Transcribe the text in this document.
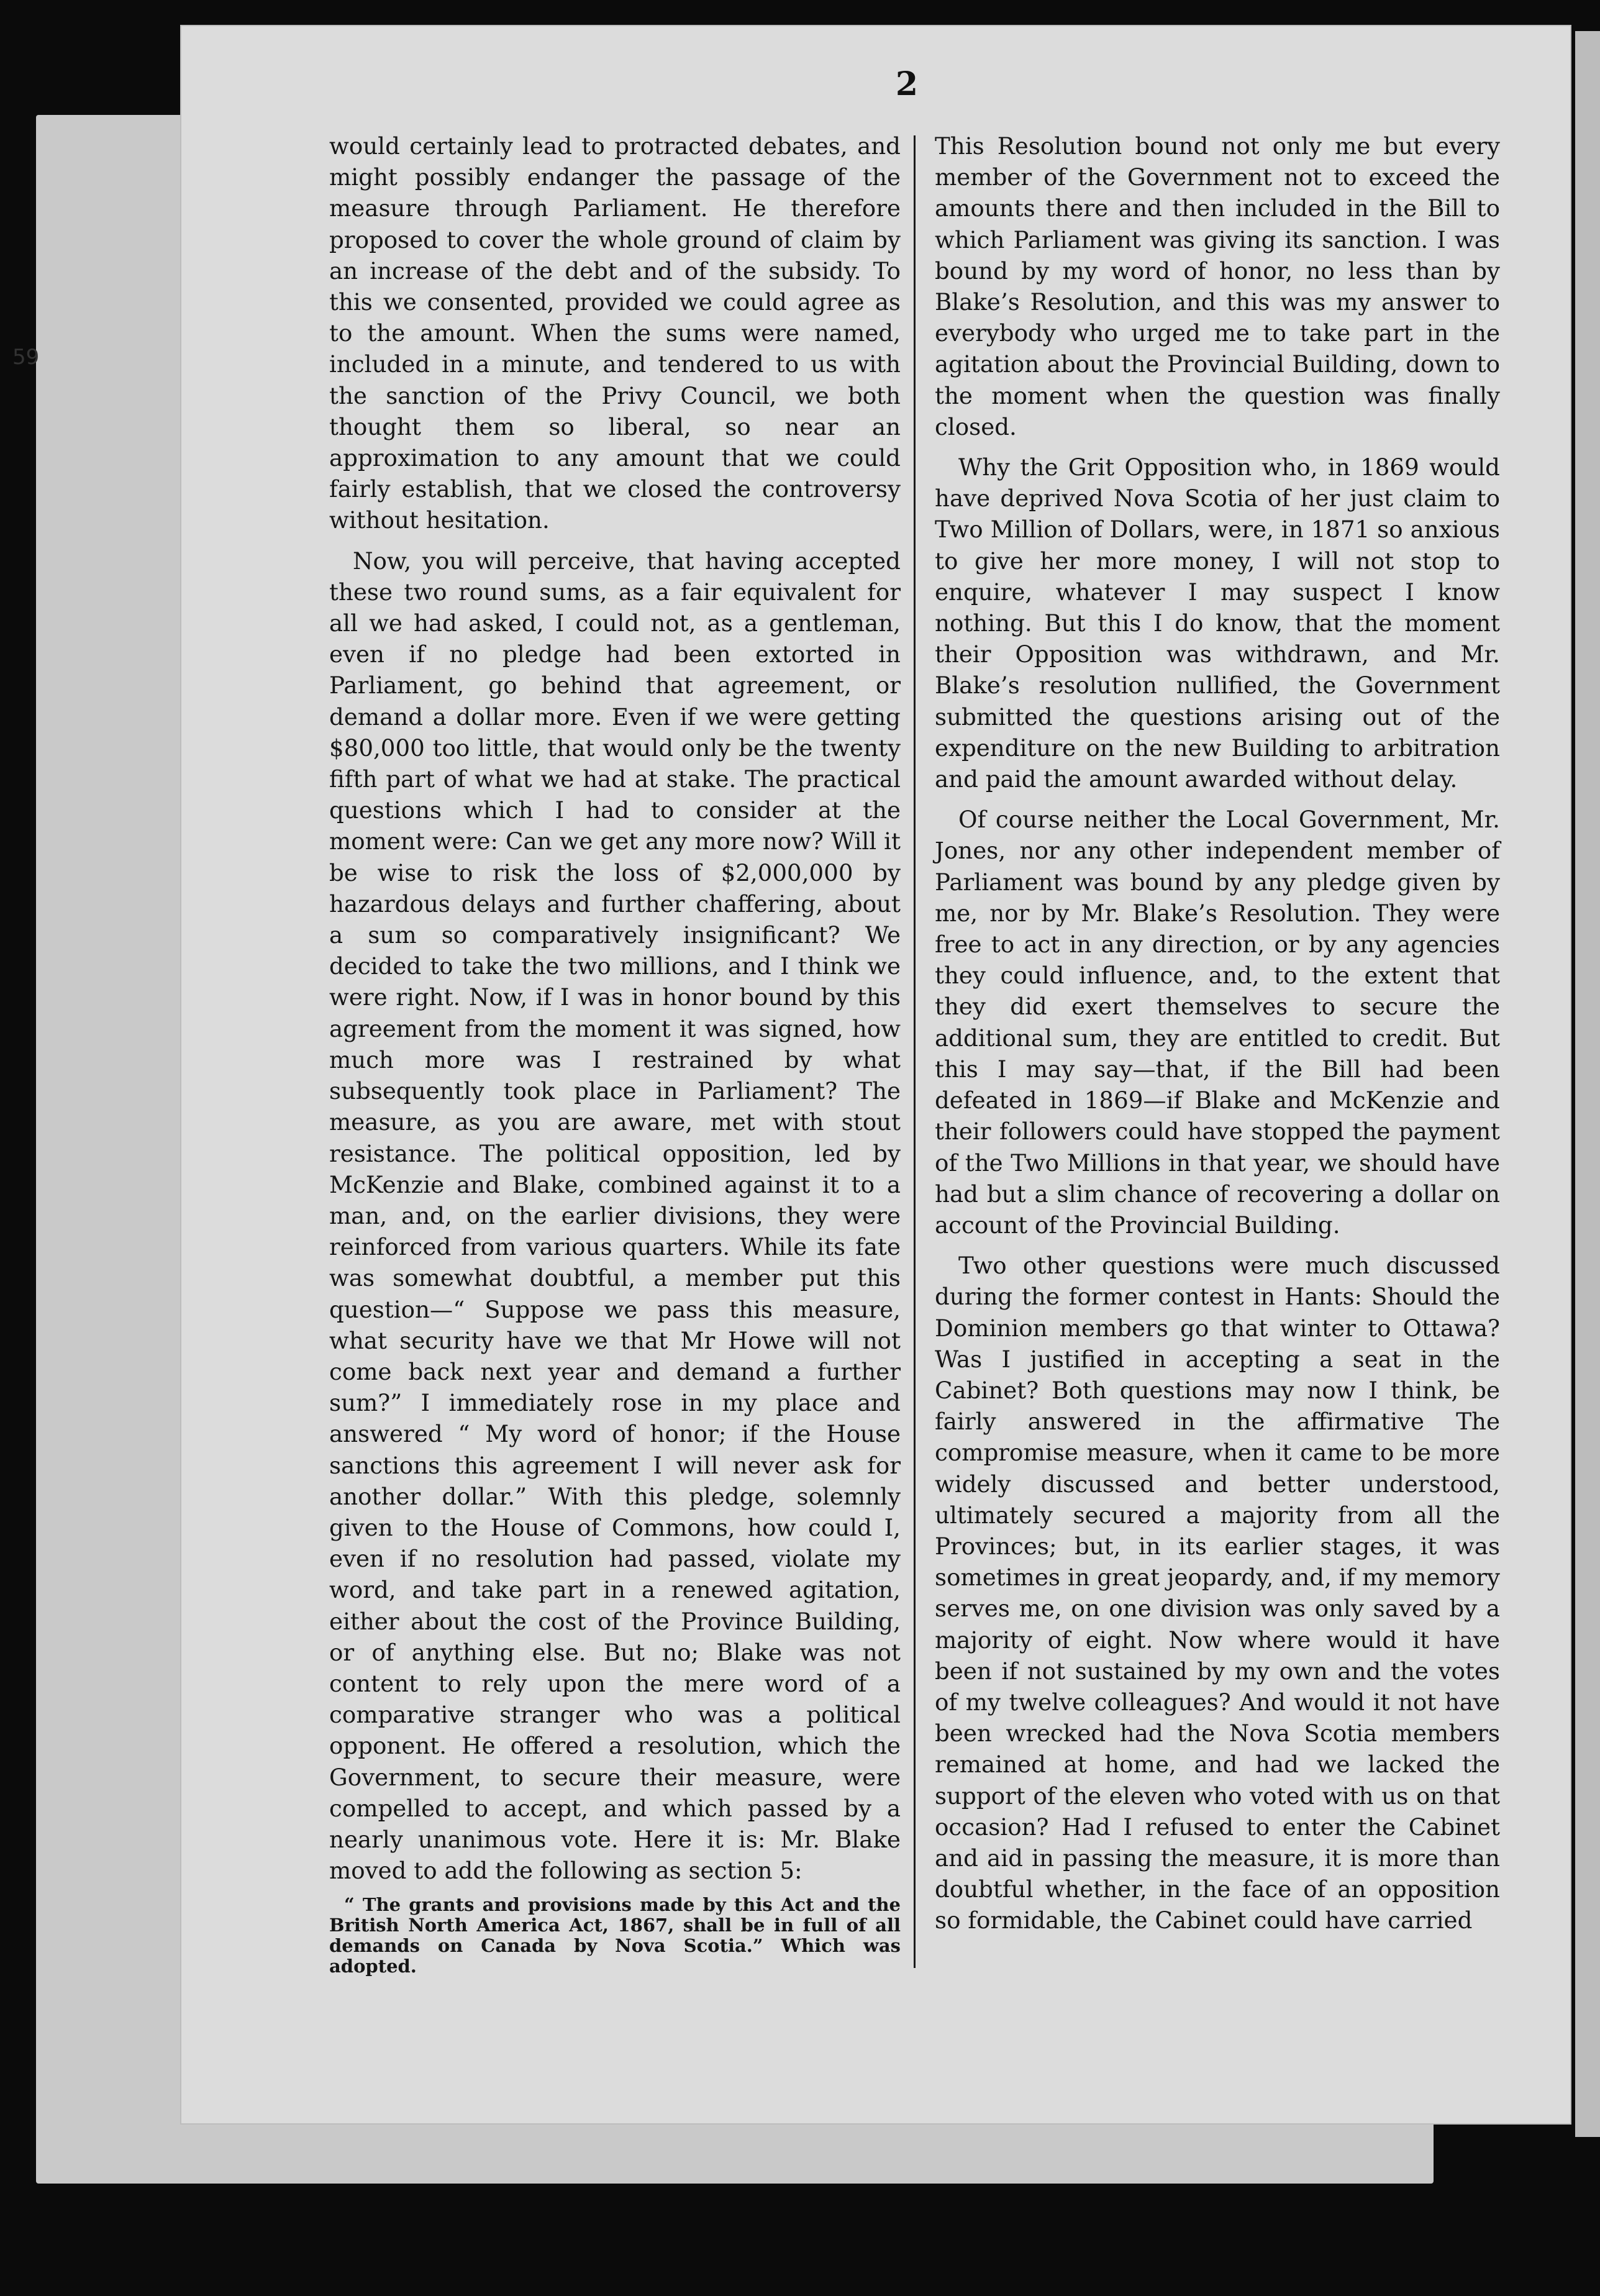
2
59

would certainly lead to protracted debates, and might possibly endanger the passage of the measure through Parliament. He therefore proposed to cover the whole ground of claim by an increase of the debt and of the subsidy. To this we consented, provided we could agree as to the amount. When the sums were named, included in a minute, and tendered to us with the sanction of the Privy Council, we both thought them so liberal, so near an approximation to any amount that we could fairly establish, that we closed the controversy without hesitation.

Now, you will perceive, that having accepted these two round sums, as a fair equivalent for all we had asked, I could not, as a gentleman, even if no pledge had been extorted in Parliament, go behind that agreement, or demand a dollar more. Even if we were getting $80,000 too little, that would only be the twenty fifth part of what we had at stake. The practical questions which I had to consider at the moment were: Can we get any more now? Will it be wise to risk the loss of $2,000,000 by hazardous delays and further chaffering, about a sum so comparatively insignificant? We decided to take the two millions, and I think we were right. Now, if I was in honor bound by this agreement from the moment it was signed, how much more was I restrained by what subsequently took place in Parliament? The measure, as you are aware, met with stout resistance. The political opposition, led by McKenzie and Blake, combined against it to a man, and, on the earlier divisions, they were reinforced from various quarters. While its fate was somewhat doubtful, a member put this question—“ Suppose we pass this measure, what security have we that Mr Howe will not come back next year and demand a further sum?” I immediately rose in my place and answered “ My word of honor; if the House sanctions this agreement I will never ask for another dollar.” With this pledge, solemnly given to the House of Commons, how could I, even if no resolution had passed, violate my word, and take part in a renewed agitation, either about the cost of the Province Building, or of anything else. But no; Blake was not content to rely upon the mere word of a comparative stranger who was a political opponent. He offered a resolution, which the Government, to secure their measure, were compelled to accept, and which passed by a nearly unanimous vote. Here it is: Mr. Blake moved to add the following as section 5:

“ The grants and provisions made by this Act and the British North America Act, 1867, shall be in full of all demands on Canada by Nova Scotia.” Which was adopted.

This Resolution bound not only me but every member of the Government not to exceed the amounts there and then included in the Bill to which Parliament was giving its sanction. I was bound by my word of honor, no less than by Blake’s Resolution, and this was my answer to everybody who urged me to take part in the agitation about the Provincial Building, down to the moment when the question was finally closed.

Why the Grit Opposition who, in 1869 would have deprived Nova Scotia of her just claim to Two Million of Dollars, were, in 1871 so anxious to give her more money, I will not stop to enquire, whatever I may suspect I know nothing. But this I do know, that the moment their Opposition was withdrawn, and Mr. Blake’s resolution nullified, the Government submitted the questions arising out of the expenditure on the new Building to arbitration and paid the amount awarded without delay.

Of course neither the Local Government, Mr. Jones, nor any other independent member of Parliament was bound by any pledge given by me, nor by Mr. Blake’s Resolution. They were free to act in any direction, or by any agencies they could influence, and, to the extent that they did exert themselves to secure the additional sum, they are entitled to credit. But this I may say—that, if the Bill had been defeated in 1869—if Blake and McKenzie and their followers could have stopped the payment of the Two Millions in that year, we should have had but a slim chance of recovering a dollar on account of the Provincial Building.

Two other questions were much discussed during the former contest in Hants: Should the Dominion members go that winter to Ottawa? Was I justified in accepting a seat in the Cabinet? Both questions may now I think, be fairly answered in the affirmative The compromise measure, when it came to be more widely discussed and better understood, ultimately secured a majority from all the Provinces; but, in its earlier stages, it was sometimes in great jeopardy, and, if my memory serves me, on one division was only saved by a majority of eight. Now where would it have been if not sustained by my own and the votes of my twelve colleagues? And would it not have been wrecked had the Nova Scotia members remained at home, and had we lacked the support of the eleven who voted with us on that occasion? Had I refused to enter the Cabinet and aid in passing the measure, it is more than doubtful whether, in the face of an opposition so formidable, the Cabinet could have carried
